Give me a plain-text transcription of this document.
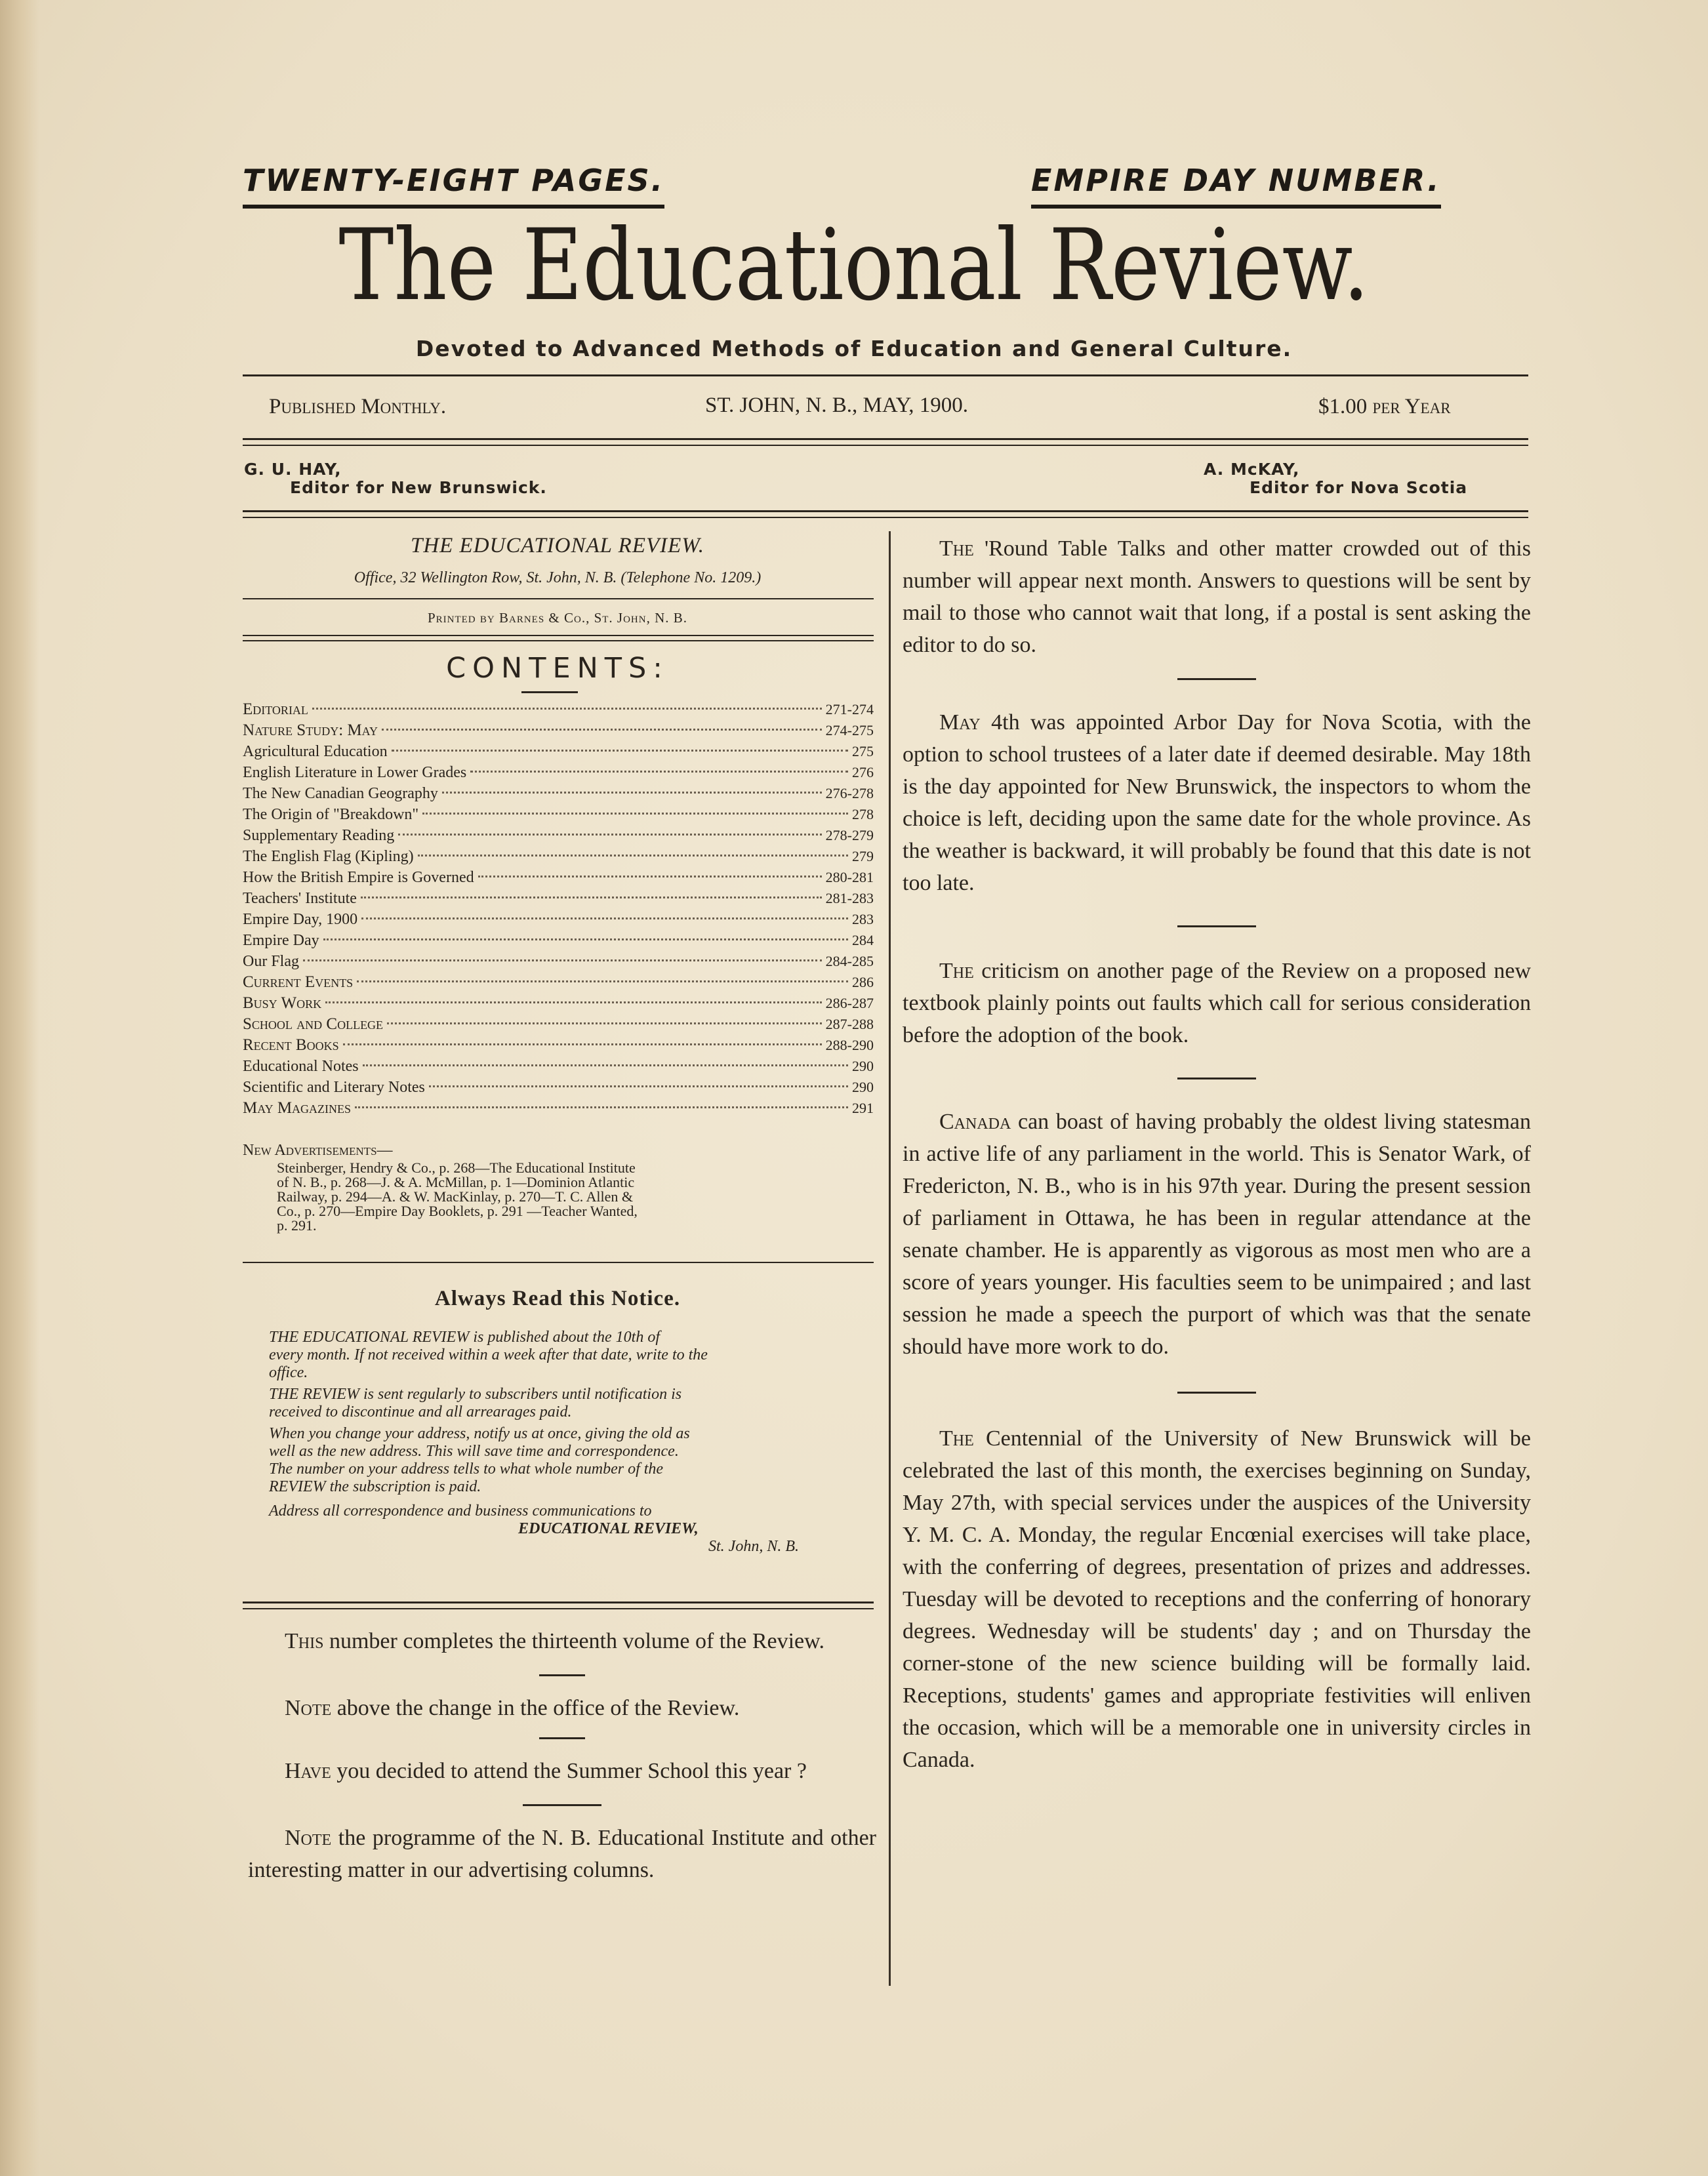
TWENTY-EIGHT PAGES.	EMPIRE DAY NUMBER.
The Educational Review.
Devoted to Advanced Methods of Education and General Culture.
Published Monthly.	ST. JOHN, N. B., MAY, 1900.	$1.00 per Year
G. U. HAY,
Editor for New Brunswick.
A. McKAY,
Editor for Nova Scotia
THE EDUCATIONAL REVIEW.
Office, 32 Wellington Row, St. John, N. B. (Telephone No. 1209.)
Printed by Barnes & Co., St. John, N. B.
CONTENTS:
Editorial	271-274
Nature Study: May	274-275
Agricultural Education	275
English Literature in Lower Grades	276
The New Canadian Geography	276-278
The Origin of "Breakdown"	278
Supplementary Reading	278-279
The English Flag (Kipling)	279
How the British Empire is Governed	280-281
Teachers' Institute	281-283
Empire Day, 1900	283
Empire Day	284
Our Flag	284-285
Current Events	286
Busy Work	286-287
School and College	287-288
Recent Books	288-290
Educational Notes	290
Scientific and Literary Notes	290
May Magazines	291
New Advertisements—
Steinberger, Hendry & Co., p. 268—The Educational Institute
of N. B., p. 268—J. & A. McMillan, p. 1—Dominion Atlantic
Railway, p. 294—A. & W. MacKinlay, p. 270—T. C. Allen &
Co., p. 270—Empire Day Booklets, p. 291 —Teacher Wanted,
p. 291.
Always Read this Notice.

THE EDUCATIONAL REVIEW is published about the 10th of

every month. If not received within a week after that date, write to the

office.

THE REVIEW is sent regularly to subscribers until notification is

received to discontinue and all arrearages paid.

When you change your address, notify us at once, giving the old as

well as the new address. This will save time and correspondence.

The number on your address tells to what whole number of the

REVIEW the subscription is paid.

Address all correspondence and business communications to

EDUCATIONAL REVIEW,

St. John, N. B.

This number completes the thirteenth volume of the Review.

Note above the change in the office of the Review.

Have you decided to attend the Summer School this year ?

Note the programme of the N. B. Educational Institute and other interesting matter in our advertising columns.

The 'Round Table Talks and other matter crowded out of this number will appear next month. Answers to questions will be sent by mail to those who cannot wait that long, if a postal is sent asking the editor to do so.

May 4th was appointed Arbor Day for Nova Scotia, with the option to school trustees of a later date if deemed desirable. May 18th is the day appointed for New Brunswick, the inspectors to whom the choice is left, deciding upon the same date for the whole province. As the weather is backward, it will probably be found that this date is not too late.

The criticism on another page of the Review on a proposed new textbook plainly points out faults which call for serious consideration before the adoption of the book.

Canada can boast of having probably the oldest living statesman in active life of any parliament in the world. This is Senator Wark, of Fredericton, N. B., who is in his 97th year. During the present session of parliament in Ottawa, he has been in regular attendance at the senate chamber. He is apparently as vigorous as most men who are a score of years younger. His faculties seem to be unimpaired ; and last session he made a speech the purport of which was that the senate should have more work to do.

The Centennial of the University of New Brunswick will be celebrated the last of this month, the exercises beginning on Sunday, May 27th, with special services under the auspices of the University Y. M. C. A. Monday, the regular Encœnial exercises will take place, with the conferring of degrees, presentation of prizes and addresses. Tuesday will be devoted to receptions and the conferring of honorary degrees. Wednesday will be students' day ; and on Thursday the corner-stone of the new science building will be formally laid. Receptions, students' games and appropriate festivities will enliven the occasion, which will be a memorable one in university circles in Canada.
